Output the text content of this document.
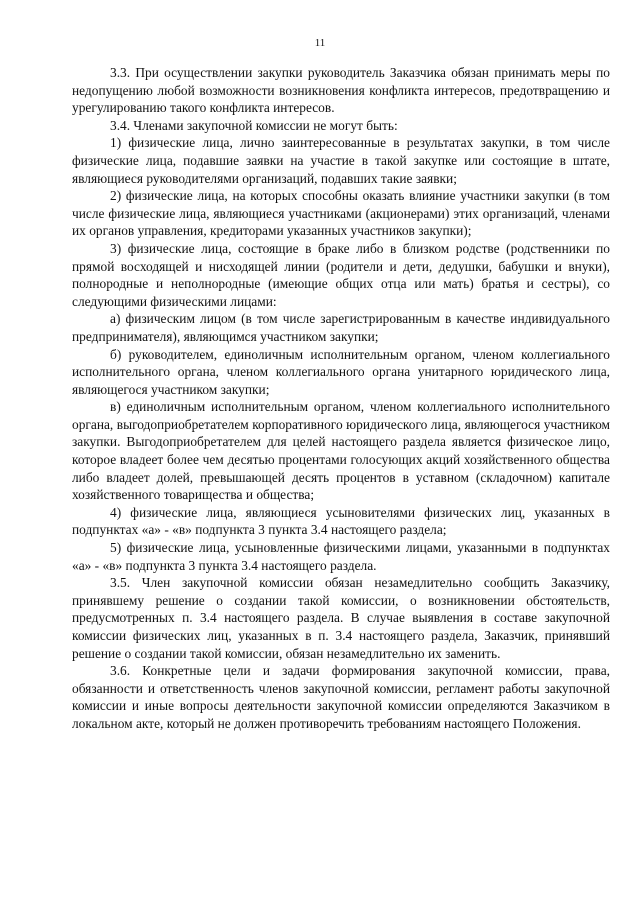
11

3.3. При осуществлении закупки руководитель Заказчика обязан принимать меры по недопущению любой возможности возникновения конфликта интересов, предотвращению и урегулированию такого конфликта интересов.

3.4. Членами закупочной комиссии не могут быть:

1) физические лица, лично заинтересованные в результатах закупки, в том числе физические лица, подавшие заявки на участие в такой закупке или состоящие в штате, являющиеся руководителями организаций, подавших такие заявки;

2) физические лица, на которых способны оказать влияние участники закупки (в том числе физические лица, являющиеся участниками (акционерами) этих организаций, членами их органов управления, кредиторами указанных участников закупки);

3) физические лица, состоящие в браке либо в близком родстве (родственники по прямой восходящей и нисходящей линии (родители и дети, дедушки, бабушки и внуки), полнородные и неполнородные (имеющие общих отца или мать) братья и сестры), со следующими физическими лицами:

а) физическим лицом (в том числе зарегистрированным в качестве индивидуального предпринимателя), являющимся участником закупки;

б) руководителем, единоличным исполнительным органом, членом коллегиального исполнительного органа, членом коллегиального органа унитарного юридического лица, являющегося участником закупки;

в) единоличным исполнительным органом, членом коллегиального исполнительного органа, выгодоприобретателем корпоративного юридического лица, являющегося участником закупки. Выгодоприобретателем для целей настоящего раздела является физическое лицо, которое владеет более чем десятью процентами голосующих акций хозяйственного общества либо владеет долей, превышающей десять процентов в уставном (складочном) капитале хозяйственного товарищества и общества;

4) физические лица, являющиеся усыновителями физических лиц, указанных в подпунктах «а» - «в» подпункта 3 пункта 3.4 настоящего раздела;

5) физические лица, усыновленные физическими лицами, указанными в подпунктах «а» - «в» подпункта 3 пункта 3.4 настоящего раздела.

3.5. Член закупочной комиссии обязан незамедлительно сообщить Заказчику, принявшему решение о создании такой комиссии, о возникновении обстоятельств, предусмотренных п. 3.4 настоящего раздела. В случае выявления в составе закупочной комиссии физических лиц, указанных в п. 3.4 настоящего раздела, Заказчик, принявший решение о создании такой комиссии, обязан незамедлительно их заменить.

3.6. Конкретные цели и задачи формирования закупочной комиссии, права, обязанности и ответственность членов закупочной комиссии, регламент работы закупочной комиссии и иные вопросы деятельности закупочной комиссии определяются Заказчиком в локальном акте, который не должен противоречить требованиям настоящего Положения.
